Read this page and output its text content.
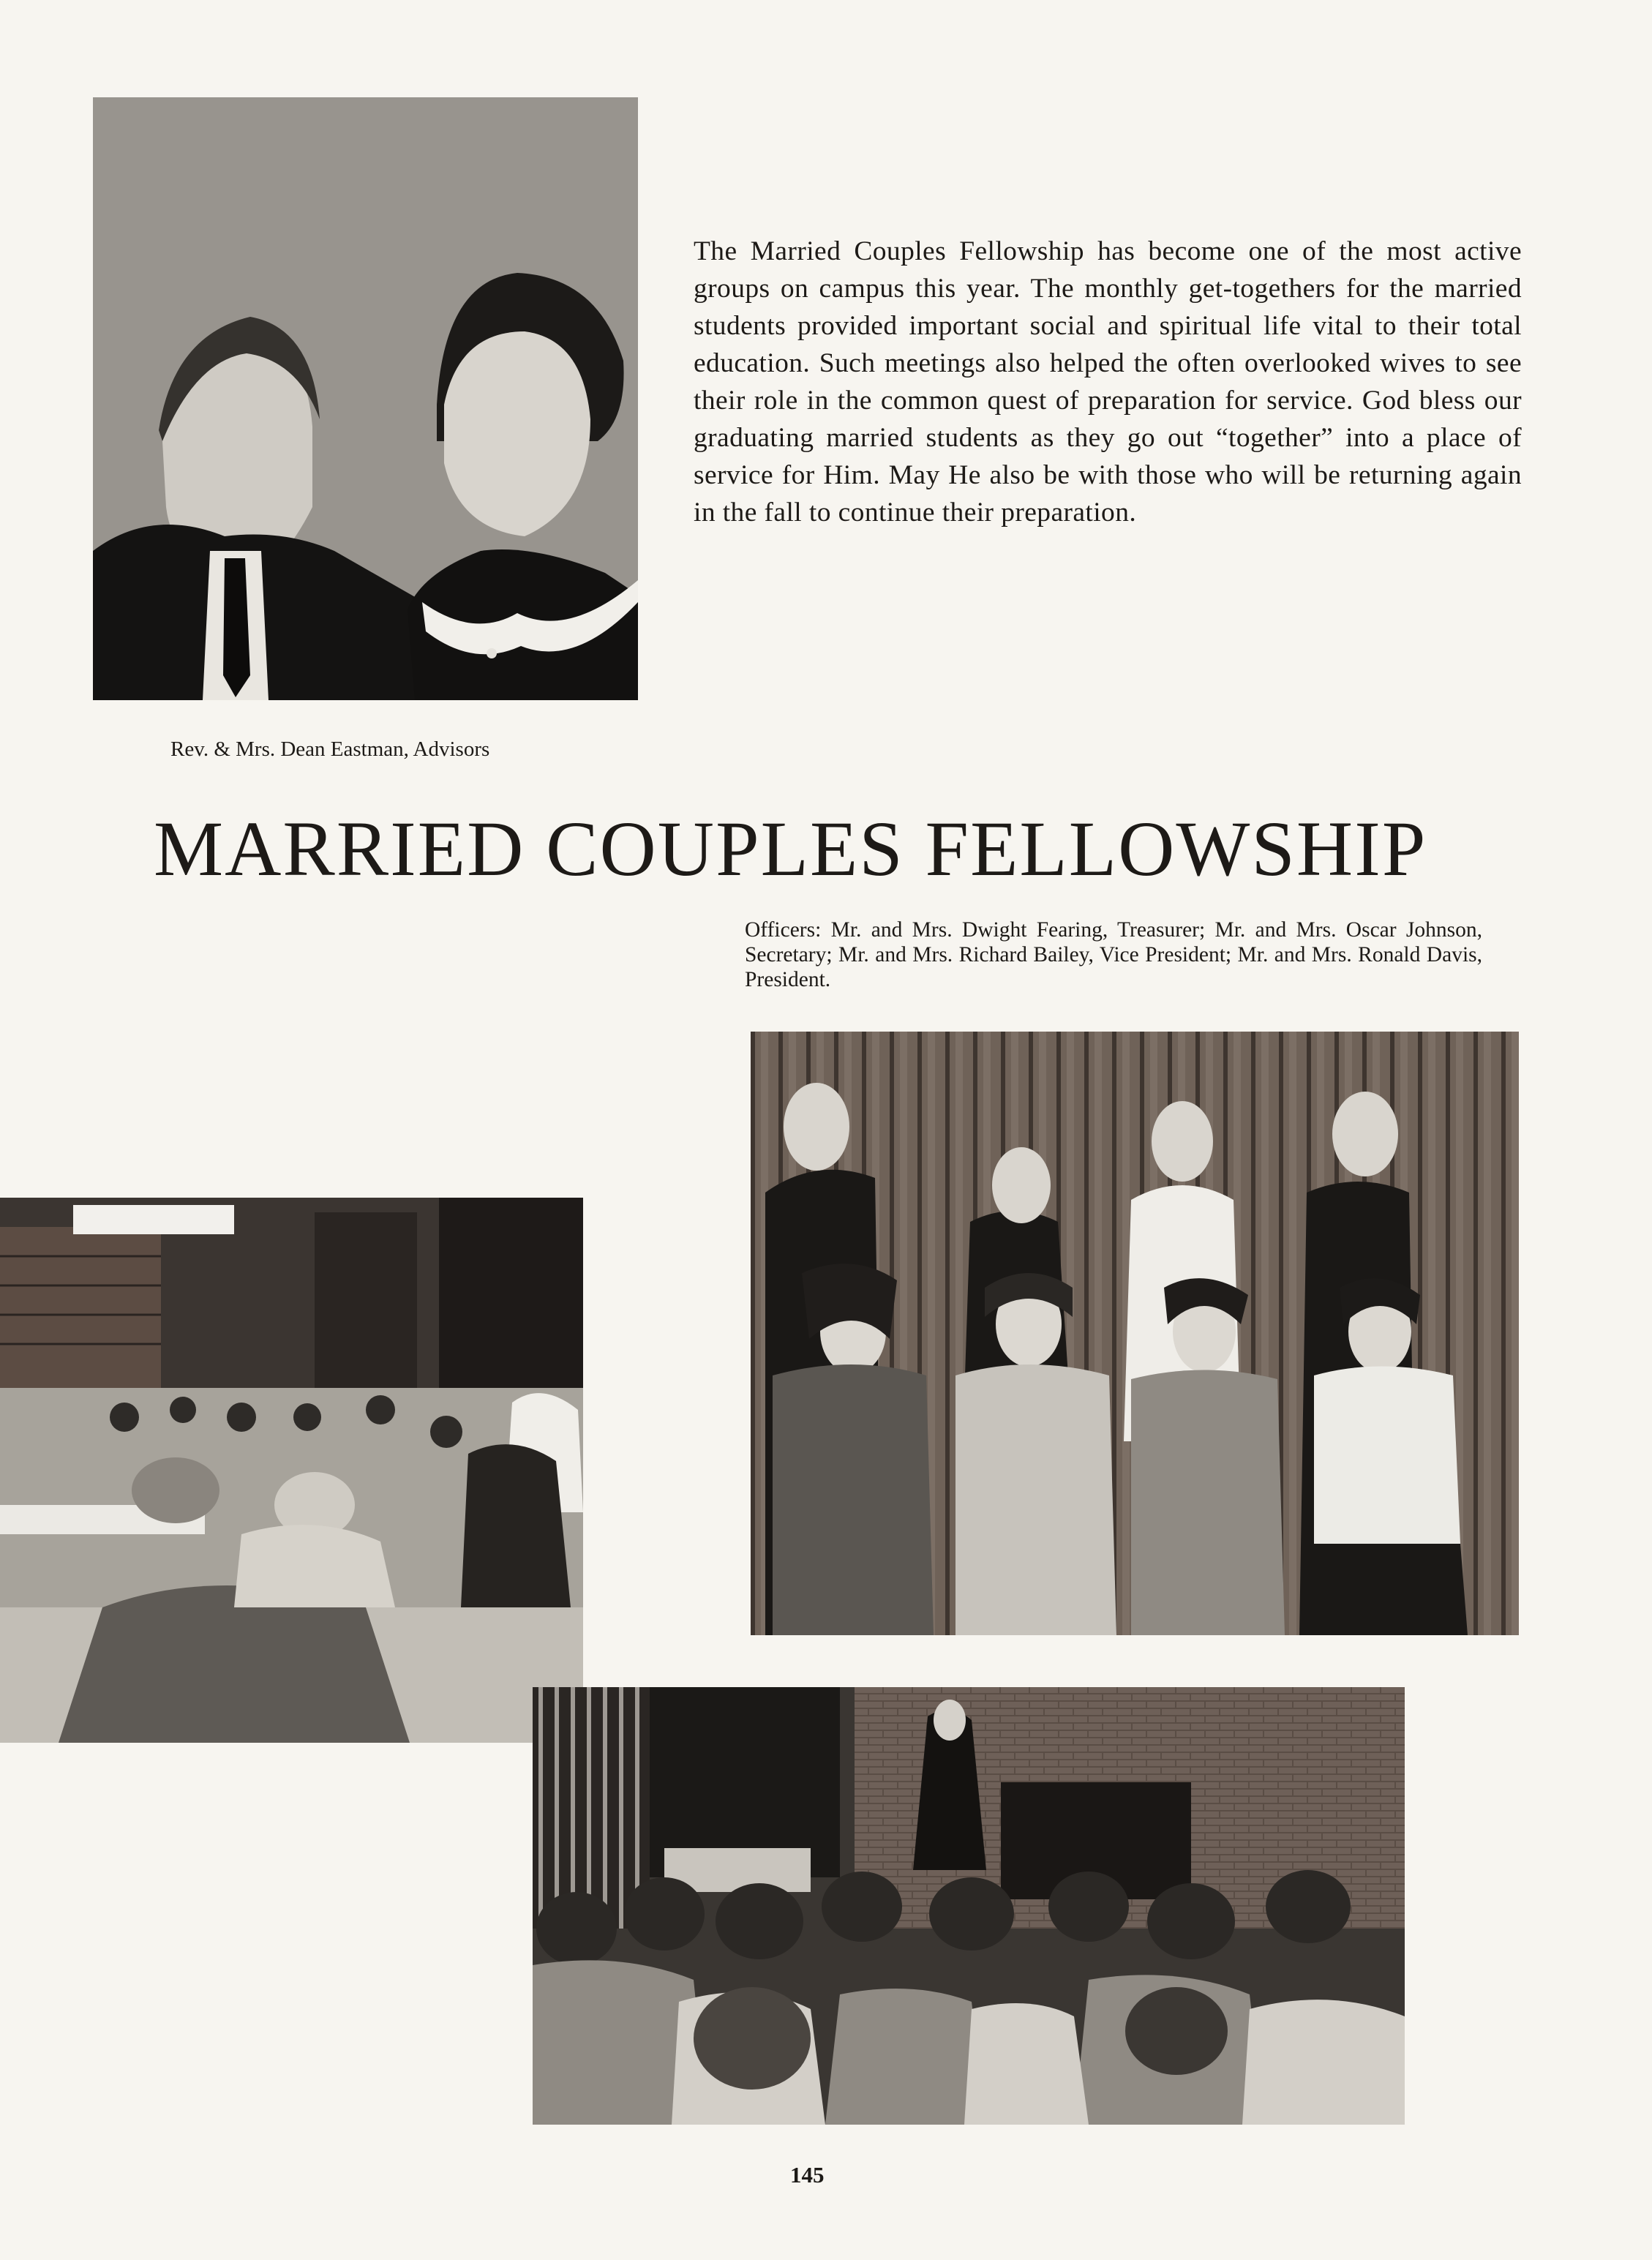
The Married Couples Fellowship has become one of the most active groups on campus this year. The monthly get-togethers for the married students provided important social and spiritual life vital to their total education. Such meetings also helped the often overlooked wives to see their role in the common quest of preparation for service. God bless our graduating married students as they go out “together” into a place of service for Him. May He also be with those who will be returning again in the fall to continue their preparation.

Rev. & Mrs. Dean Eastman, Advisors

MARRIED COUPLES FELLOWSHIP

Officers: Mr. and Mrs. Dwight Fearing, Treasurer; Mr. and Mrs. Oscar Johnson, Secretary; Mr. and Mrs. Richard Bailey, Vice President; Mr. and Mrs. Ronald Davis, President.

145
